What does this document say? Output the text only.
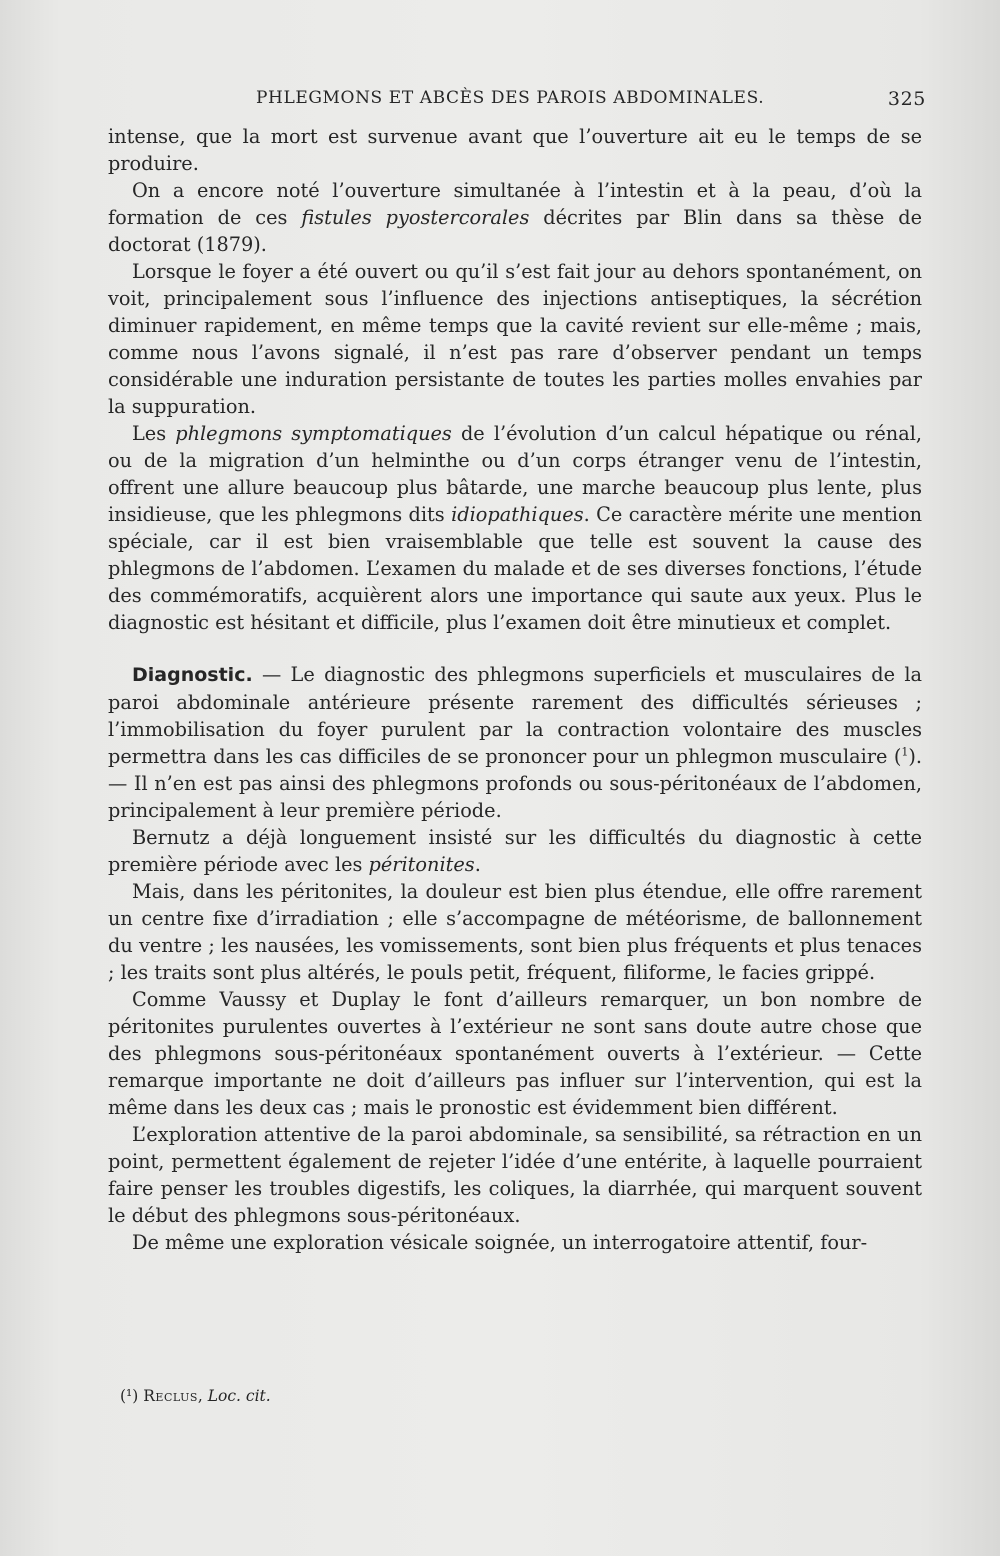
PHLEGMONS ET ABCÈS DES PAROIS ABDOMINALES.	325

intense, que la mort est survenue avant que l’ouverture ait eu le temps de se produire.

On a encore noté l’ouverture simultanée à l’intestin et à la peau, d’où la formation de ces fistules pyostercorales décrites par Blin dans sa thèse de doctorat (1879).

Lorsque le foyer a été ouvert ou qu’il s’est fait jour au dehors spontanément, on voit, principalement sous l’influence des injections antiseptiques, la sécrétion diminuer rapidement, en même temps que la cavité revient sur elle-même ; mais, comme nous l’avons signalé, il n’est pas rare d’observer pendant un temps considérable une induration persistante de toutes les parties molles envahies par la suppuration.

Les phlegmons symptomatiques de l’évolution d’un calcul hépatique ou rénal, ou de la migration d’un helminthe ou d’un corps étranger venu de l’intestin, offrent une allure beaucoup plus bâtarde, une marche beaucoup plus lente, plus insidieuse, que les phlegmons dits idiopathiques. Ce caractère mérite une mention spéciale, car il est bien vraisemblable que telle est souvent la cause des phlegmons de l’abdomen. L’examen du malade et de ses diverses fonctions, l’étude des commémoratifs, acquièrent alors une importance qui saute aux yeux. Plus le diagnostic est hésitant et difficile, plus l’examen doit être minutieux et complet.

Diagnostic. — Le diagnostic des phlegmons superficiels et musculaires de la paroi abdominale antérieure présente rarement des difficultés sérieuses ; l’immobilisation du foyer purulent par la contraction volontaire des muscles permettra dans les cas difficiles de se prononcer pour un phlegmon musculaire ($^1$). — Il n’en est pas ainsi des phlegmons profonds ou sous-péritonéaux de l’abdomen, principalement à leur première période.

Bernutz a déjà longuement insisté sur les difficultés du diagnostic à cette première période avec les péritonites.

Mais, dans les péritonites, la douleur est bien plus étendue, elle offre rarement un centre fixe d’irradiation ; elle s’accompagne de météorisme, de ballonnement du ventre ; les nausées, les vomissements, sont bien plus fréquents et plus tenaces ; les traits sont plus altérés, le pouls petit, fréquent, filiforme, le facies grippé.

Comme Vaussy et Duplay le font d’ailleurs remarquer, un bon nombre de péritonites purulentes ouvertes à l’extérieur ne sont sans doute autre chose que des phlegmons sous-péritonéaux spontanément ouverts à l’extérieur. — Cette remarque importante ne doit d’ailleurs pas influer sur l’intervention, qui est la même dans les deux cas ; mais le pronostic est évidemment bien différent.

L’exploration attentive de la paroi abdominale, sa sensibilité, sa rétraction en un point, permettent également de rejeter l’idée d’une entérite, à laquelle pourraient faire penser les troubles digestifs, les coliques, la diarrhée, qui marquent souvent le début des phlegmons sous-péritonéaux.

De même une exploration vésicale soignée, un interrogatoire attentif, four-

(¹) Reclus, Loc. cit.
